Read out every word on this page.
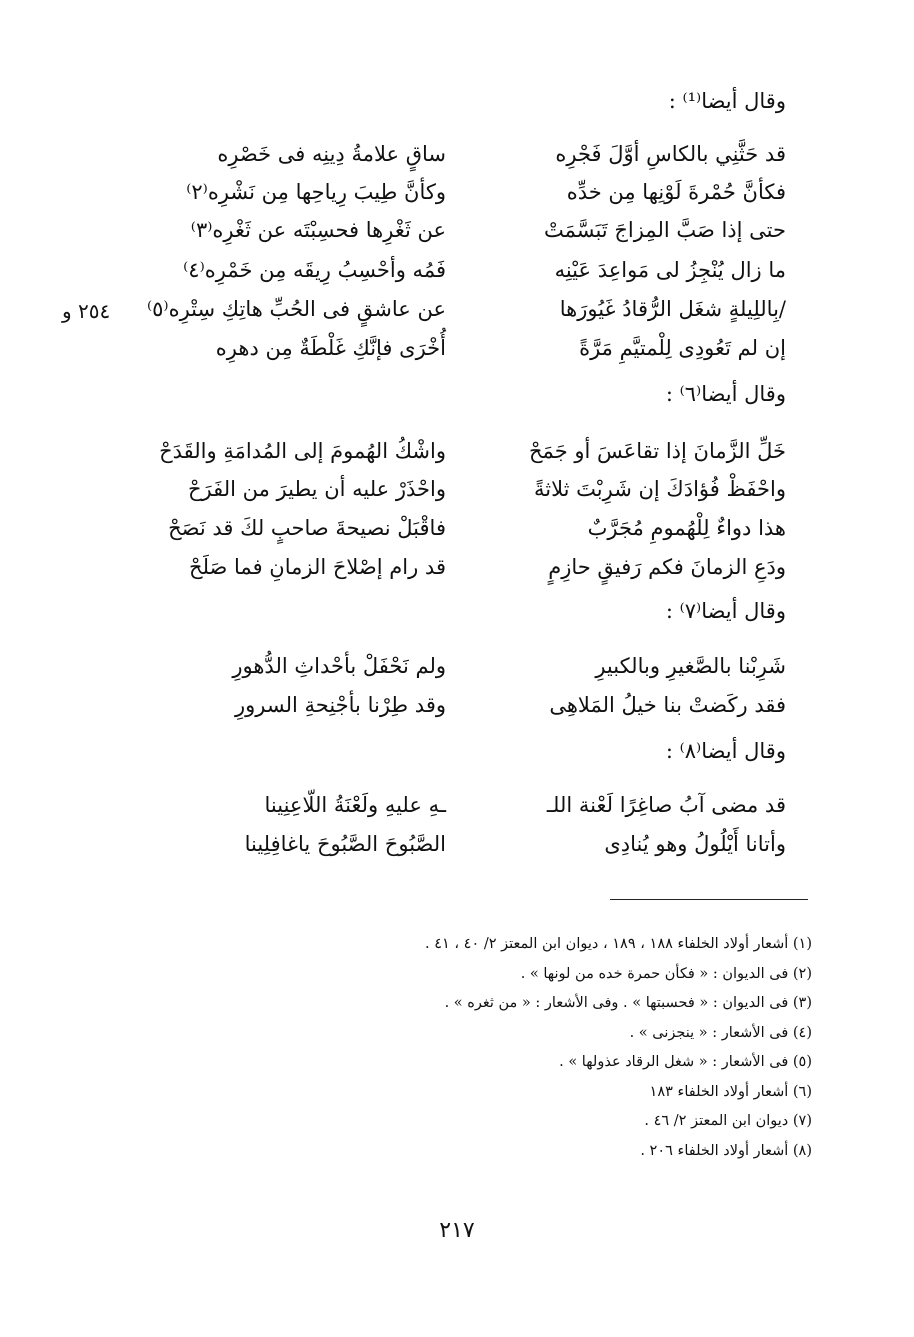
٢٥٤ و
وقال أيضا⁽¹⁾ :
قد حَثَّنِي بالكاسِ أوَّلَ فَجْرِه
ساقٍ علامةُ دِينِه فى خَصْرِه
فكأنَّ حُمْرةَ لَوْنِها مِن خدِّه
وكأنَّ طِيبَ رِياحِها مِن نَشْرِه⁽٢⁾
حتى إذا صَبَّ المِزاجَ تَبَسَّمَتْ
عن ثَغْرِها فحسِبْتَه عن ثَغْرِه⁽٣⁾
ما زال يُنْجِزُ لى مَواعِدَ عَيْنِه
فَمُه وأحْسِبُ رِيقَه مِن خَمْرِه⁽٤⁾
/بِاللِيلةٍ شغَل الرُّقادُ غَيُورَها
عن عاشقٍ فى الحُبِّ هاتِكِ سِتْرِه⁽٥⁾
إن لم تَعُودِى لِلْمتيَّمِ مَرَّةً
أُخْرَى فإنَّكِ غَلْطَةٌ مِن دهرِه
وقال أيضا⁽٦⁾ :
خَلِّ الزَّمانَ إذا تقاعَسَ أو جَمَحْ
واشْكُ الهُمومَ إلى المُدامَةِ والقَدَحْ
واحْفَظْ فُؤادَكَ إن شَرِبْتَ ثلاثةً
واحْذَرْ عليه أن يطيرَ من الفَرَحْ
هذا دواءٌ لِلْهُمومِ مُجَرَّبٌ
فاقْبَلْ نصيحةَ صاحبٍ لكَ قد نَصَحْ
ودَعِ الزمانَ فكم رَفيقٍ حازِمٍ
قد رام إصْلاحَ الزمانِ فما صَلَحْ
وقال أيضا⁽٧⁾ :
شَرِبْنا بالصَّغيرِ وبالكبيرِ
ولم نَحْفَلْ بأحْداثِ الدُّهورِ
فقد ركَضتْ بنا خيلُ المَلاهِى
وقد طِرْنا بأجْنِحةِ السرورِ
وقال أيضا⁽٨⁾ :
قد مضى آبُ صاغِرًا لَعْنة اللـ
ـهِ عليهِ ولَعْنَةُ اللّاعِنِينا
وأتانا أَيْلُولُ وهو يُنادِى
الصَّبُوحَ الصَّبُوحَ ياغافِلِينا
(١) أشعار أولاد الخلفاء ١٨٨ ، ١٨٩ ، ديوان ابن المعتز ٢/ ٤٠ ، ٤١ .
(٢) فى الديوان : « فكأن حمرة خده من لونها » .
(٣) فى الديوان : « فحسبتها » . وفى الأشعار : « من ثغره » .
(٤) فى الأشعار : « ينجزنى » .
(٥) فى الأشعار : « شغل الرقاد عذولها » .
(٦) أشعار أولاد الخلفاء ١٨٣
(٧) ديوان ابن المعتز ٢/ ٤٦ .
(٨) أشعار أولاد الخلفاء ٢٠٦ .
٢١٧
